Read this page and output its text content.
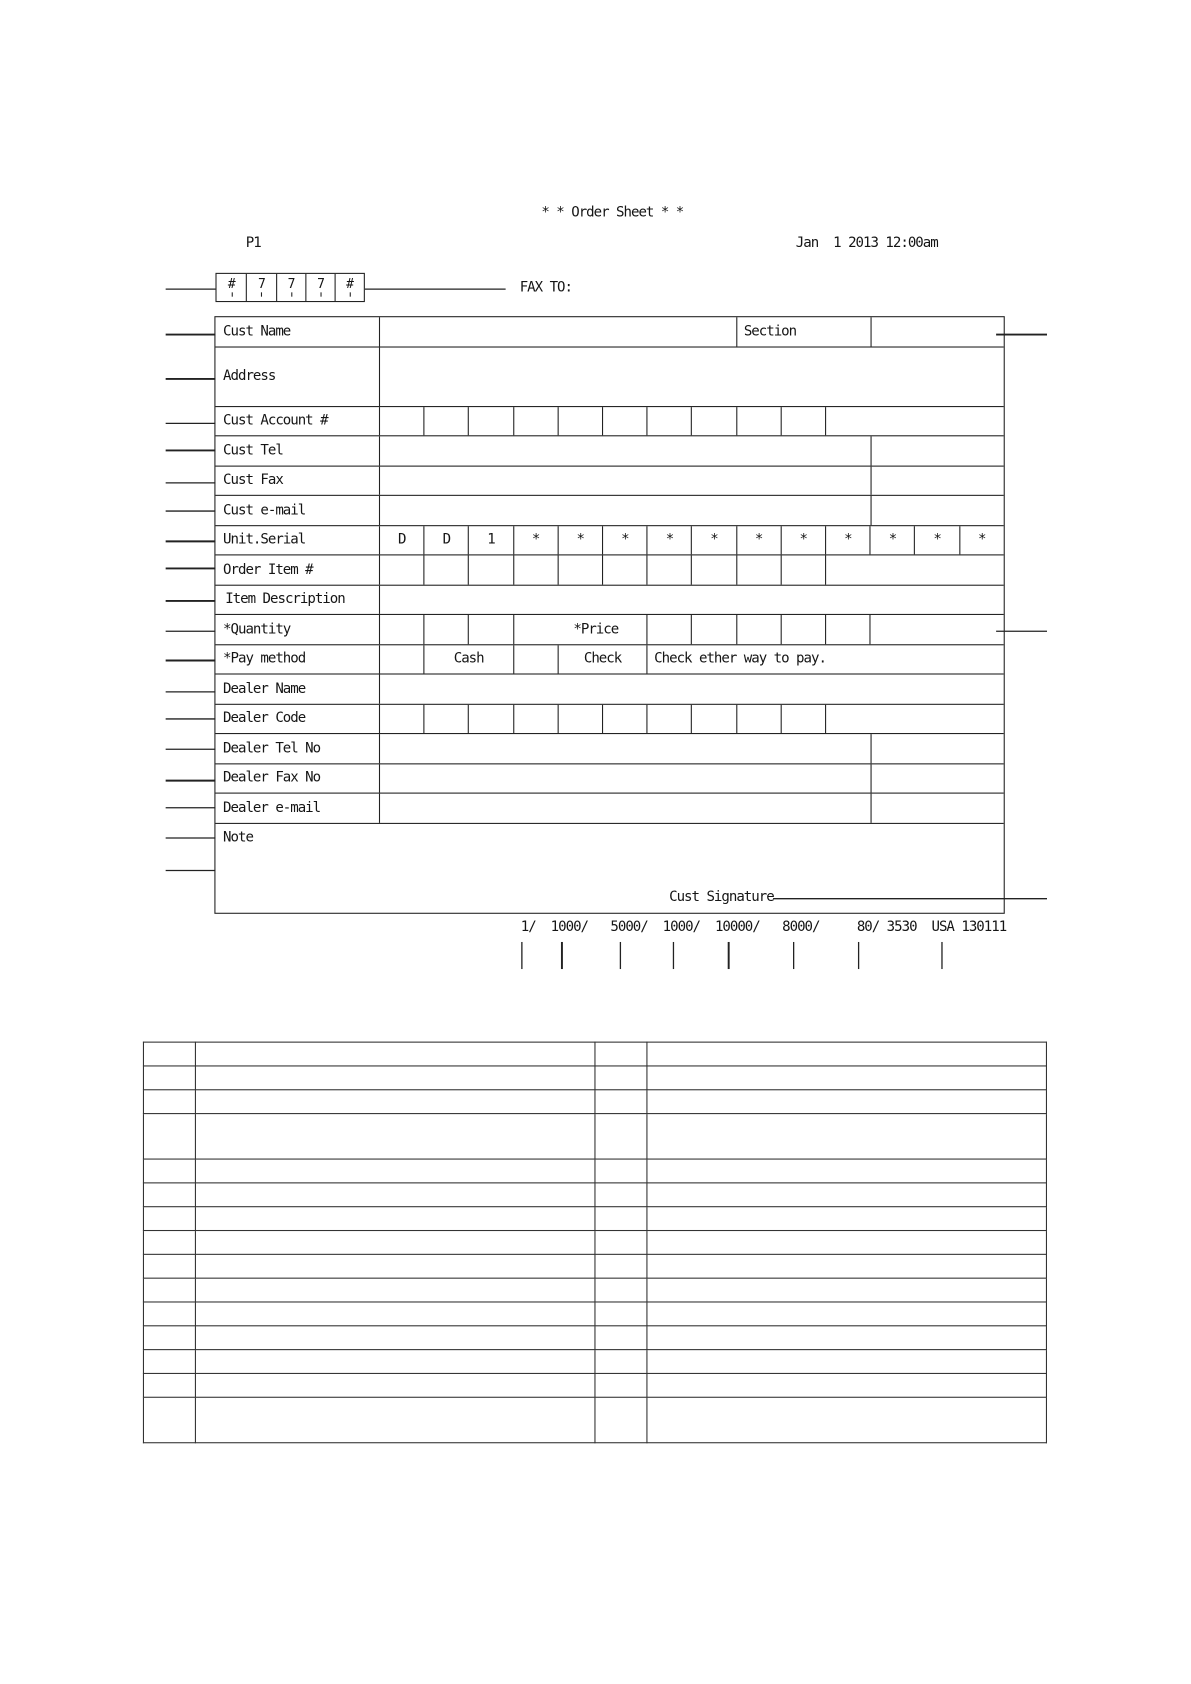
* * Order Sheet * *
P1	Jan  1 2013 12:00am
#	7	7	7	#	FAX TO:
Cust Name	Section
Address
Cust Account #
Cust Tel
Cust Fax
Cust e-mail
Unit.Serial	D	D	1	*	*	*	*	*	*	*	*	*	*	*
Order Item #
Item Description
*Quantity	*Price
*Pay method	Cash	Check	Check ether way to pay.
Dealer Name
Dealer Code
Dealer Tel No
Dealer Fax No
Dealer e-mail
Note
Cust Signature
1/  1000/   5000/  1000/  10000/   8000/     80/ 3530  USA 130111
